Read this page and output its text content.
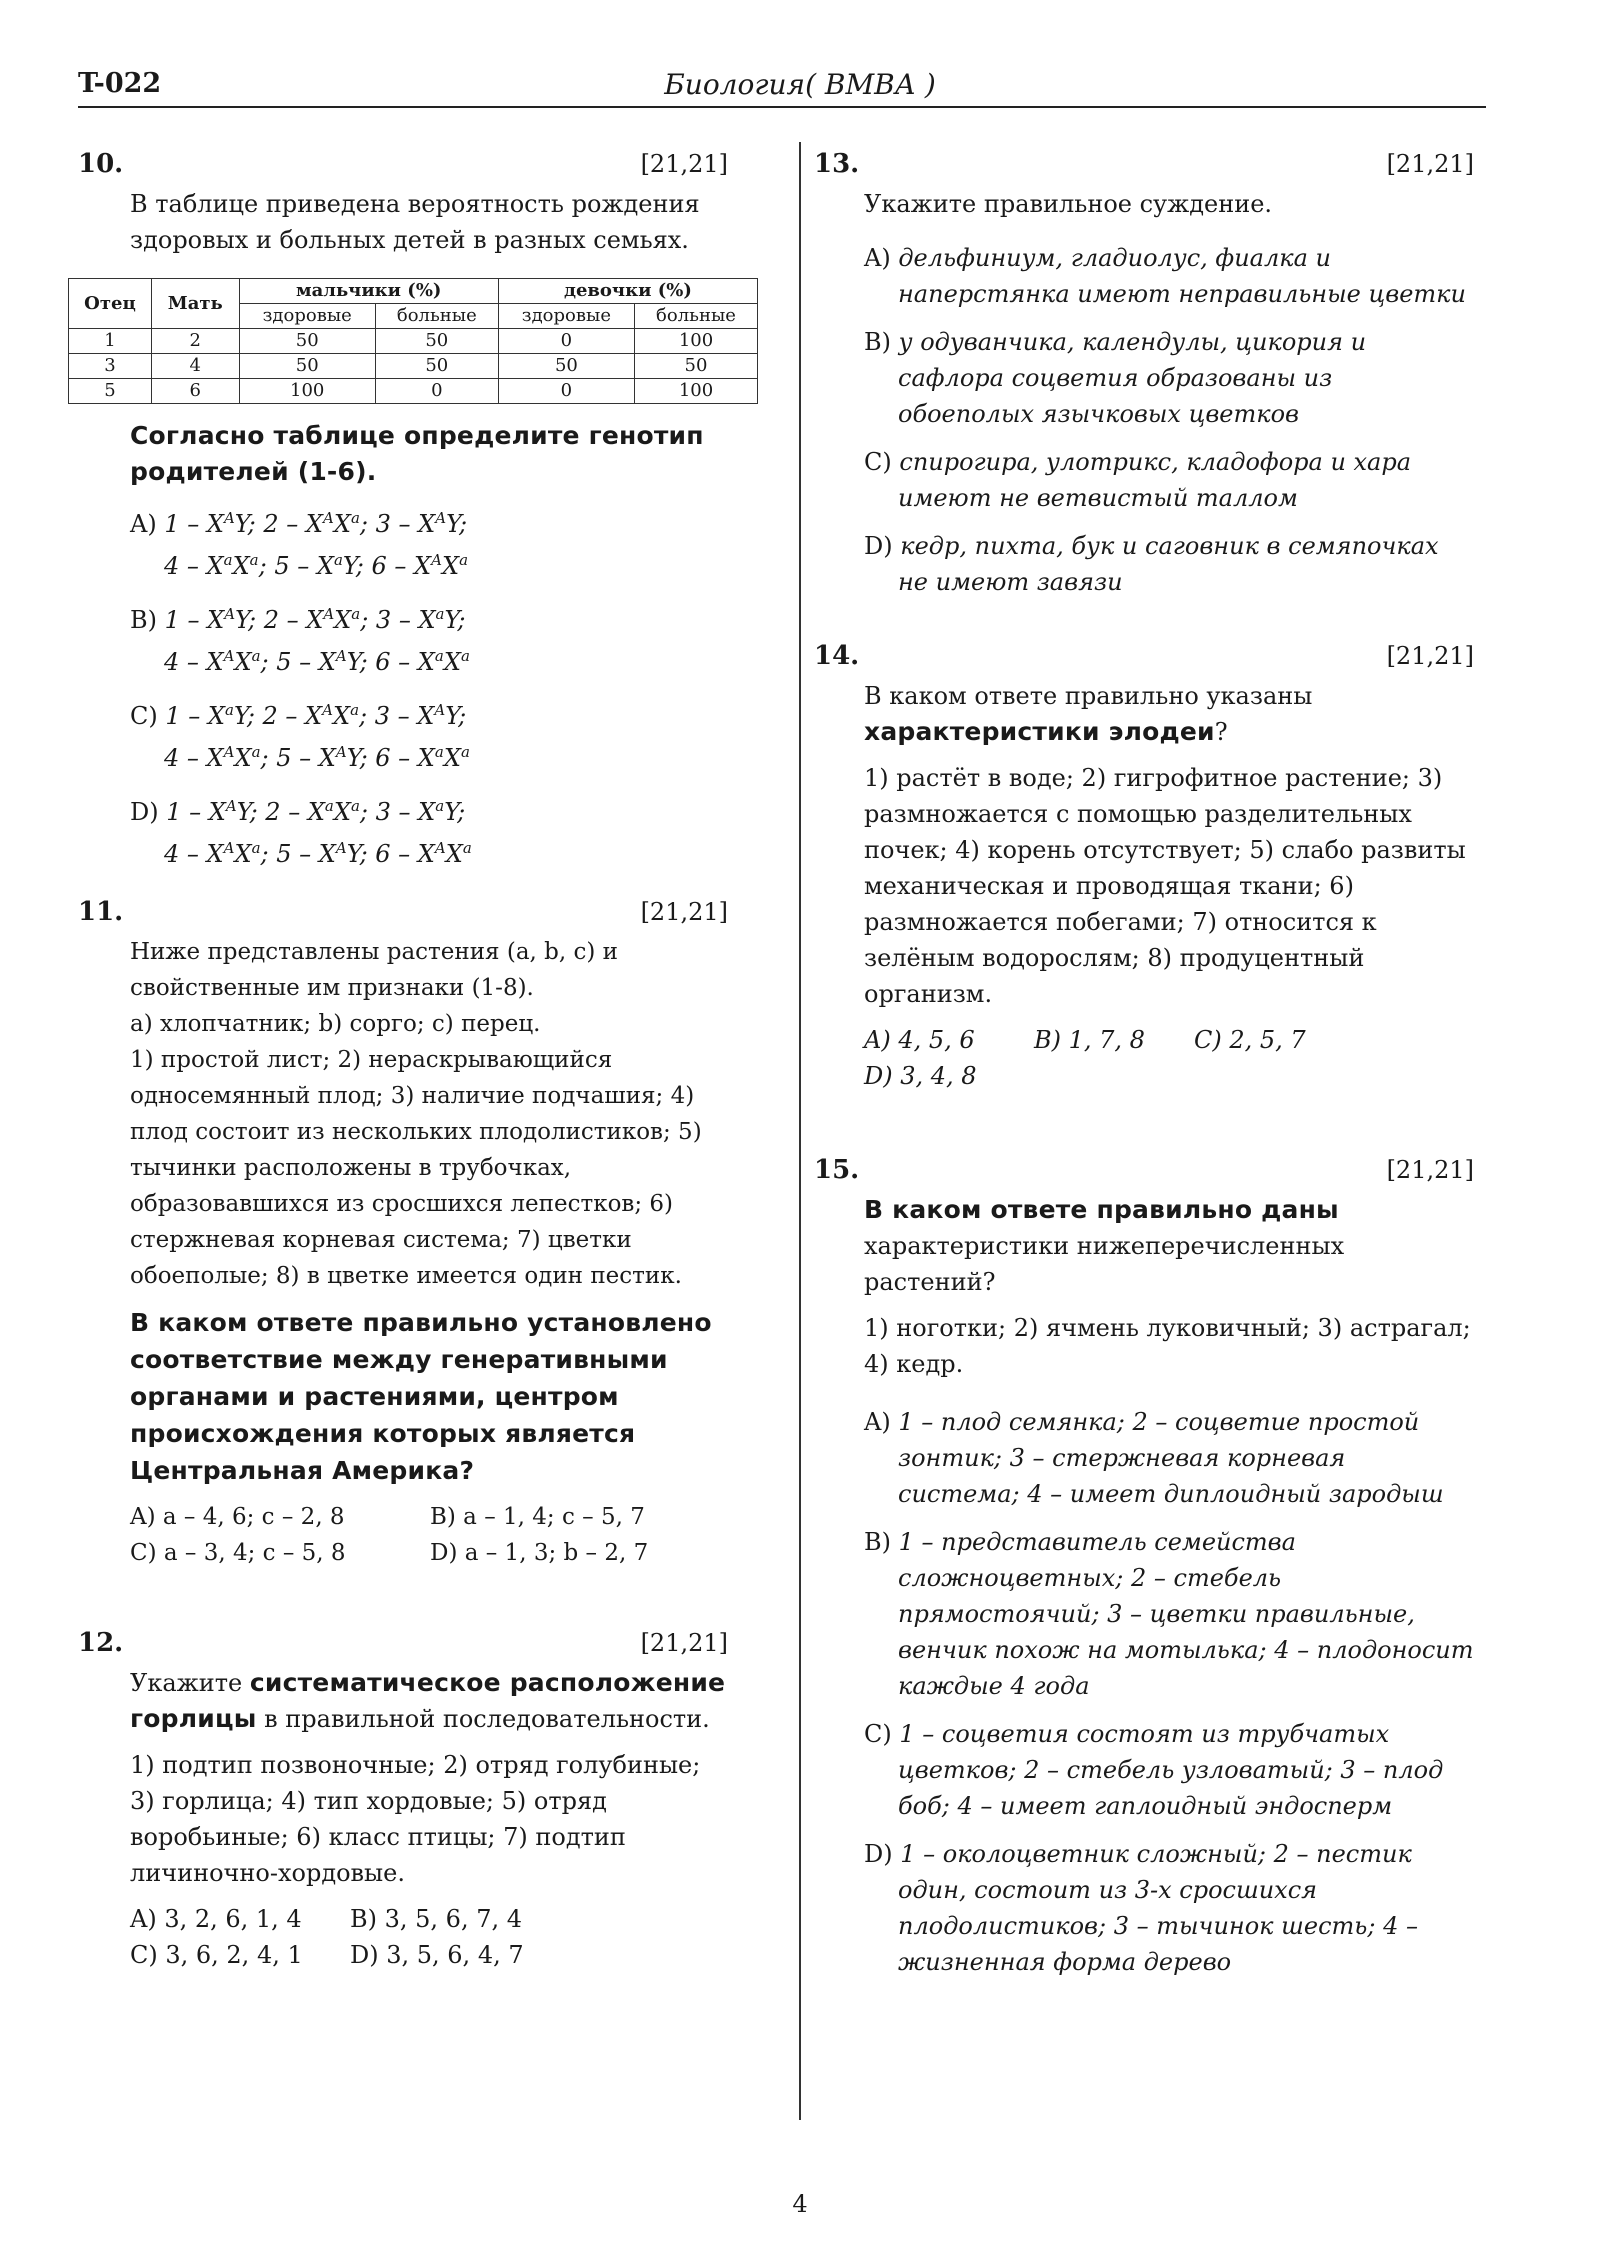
T-022	Биология( ВМВА )
10.	[21,21]

В таблице приведена вероятность рождения здоровых и больных детей в разных семьях.

Отец	Мать	мальчики (%)		девочки (%)	
		здоровые	больные	здоровые	больные
1	2	50	50	0	100
3	4	50	50	50	50
5	6	100	0	0	100

Согласно таблице определите генотип родителей (1-6).

A) $1 - X^AY$; $2 - X^AX^a$; $3 - X^AY$;
$4 - X^aX^a$; $5 - X^aY$; $6 - X^AX^a$
B) $1 - X^AY$; $2 - X^AX^a$; $3 - X^aY$;
$4 - X^AX^a$; $5 - X^AY$; $6 - X^aX^a$
C) $1 - X^aY$; $2 - X^AX^a$; $3 - X^AY$;
$4 - X^AX^a$; $5 - X^AY$; $6 - X^aX^a$
D) $1 - X^AY$; $2 - X^aX^a$; $3 - X^aY$;
$4 - X^AX^a$; $5 - X^AY$; $6 - X^AX^a$
11.	[21,21]
Ниже представлены растения (a, b, c) и свойственные им признаки (1-8).
a) хлопчатник; b) сорго; c) перец.

1) простой лист; 2) нераскрывающийся односемянный плод; 3) наличие подчашия; 4) плод состоит из нескольких плодолистиков; 5) тычинки расположены в трубочках, образовавшихся из сросшихся лепестков; 6) стержневая корневая система; 7) цветки обоеполые; 8) в цветке имеется один пестик.

В каком ответе правильно установлено соответствие между генеративными органами и растениями, центром происхождения которых является Центральная Америка?

A) a – 4, 6; c – 2, 8	B) a – 1, 4; c – 5, 7
C) a – 3, 4; c – 5, 8	D) a – 1, 3; b – 2, 7
12.	[21,21]

Укажите систематическое расположение горлицы в правильной последовательности.

1) подтип позвоночные; 2) отряд голубиные; 3) горлица; 4) тип хордовые; 5) отряд воробьиные; 6) класс птицы; 7) подтип личиночно-хордовые.

A) 3, 2, 6, 1, 4 B) 3, 5, 6, 7, 4
C) 3, 6, 2, 4, 1 D) 3, 5, 6, 4, 7
13.	[21,21]

Укажите правильное суждение.

A) дельфиниум, гладиолус, фиалка и наперстянка имеют неправильные цветки
B) у одуванчика, календулы, цикория и сафлора соцветия образованы из обоеполых язычковых цветков
C) спирогира, улотрикс, кладофора и хара имеют не ветвистый таллом
D) кедр, пихта, бук и саговник в семяпочках не имеют завязи
14.	[21,21]

В каком ответе правильно указаны характеристики элодеи?

1) растёт в воде; 2) гигрофитное растение; 3) размножается с помощью разделительных почек; 4) корень отсутствует; 5) слабо развиты механическая и проводящая ткани; 6) размножается побегами; 7) относится к зелёным водорослям; 8) продуцентный организм.

A) 4, 5, 6 B) 1, 7, 8 C) 2, 5, 7
D) 3, 4, 8
15.	[21,21]
В каком ответе правильно даны

характеристики нижеперечисленных растений?

1) ноготки; 2) ячмень луковичный; 3) астрагал; 4) кедр.

A) 1 – плод семянка; 2 – соцветие простой зонтик; 3 – стержневая корневая система; 4 – имеет диплоидный зародыш
B) 1 – представитель семейства сложноцветных; 2 – стебель прямостоячий; 3 – цветки правильные, венчик похож на мотылька; 4 – плодоносит каждые 4 года
C) 1 – соцветия состоят из трубчатых цветков; 2 – стебель узловатый; 3 – плод боб; 4 – имеет гаплоидный эндосперм
D) 1 – околоцветник сложный; 2 – пестик один, состоит из 3-х сросшихся плодолистиков; 3 – тычинок шесть; 4 – жизненная форма дерево
4
